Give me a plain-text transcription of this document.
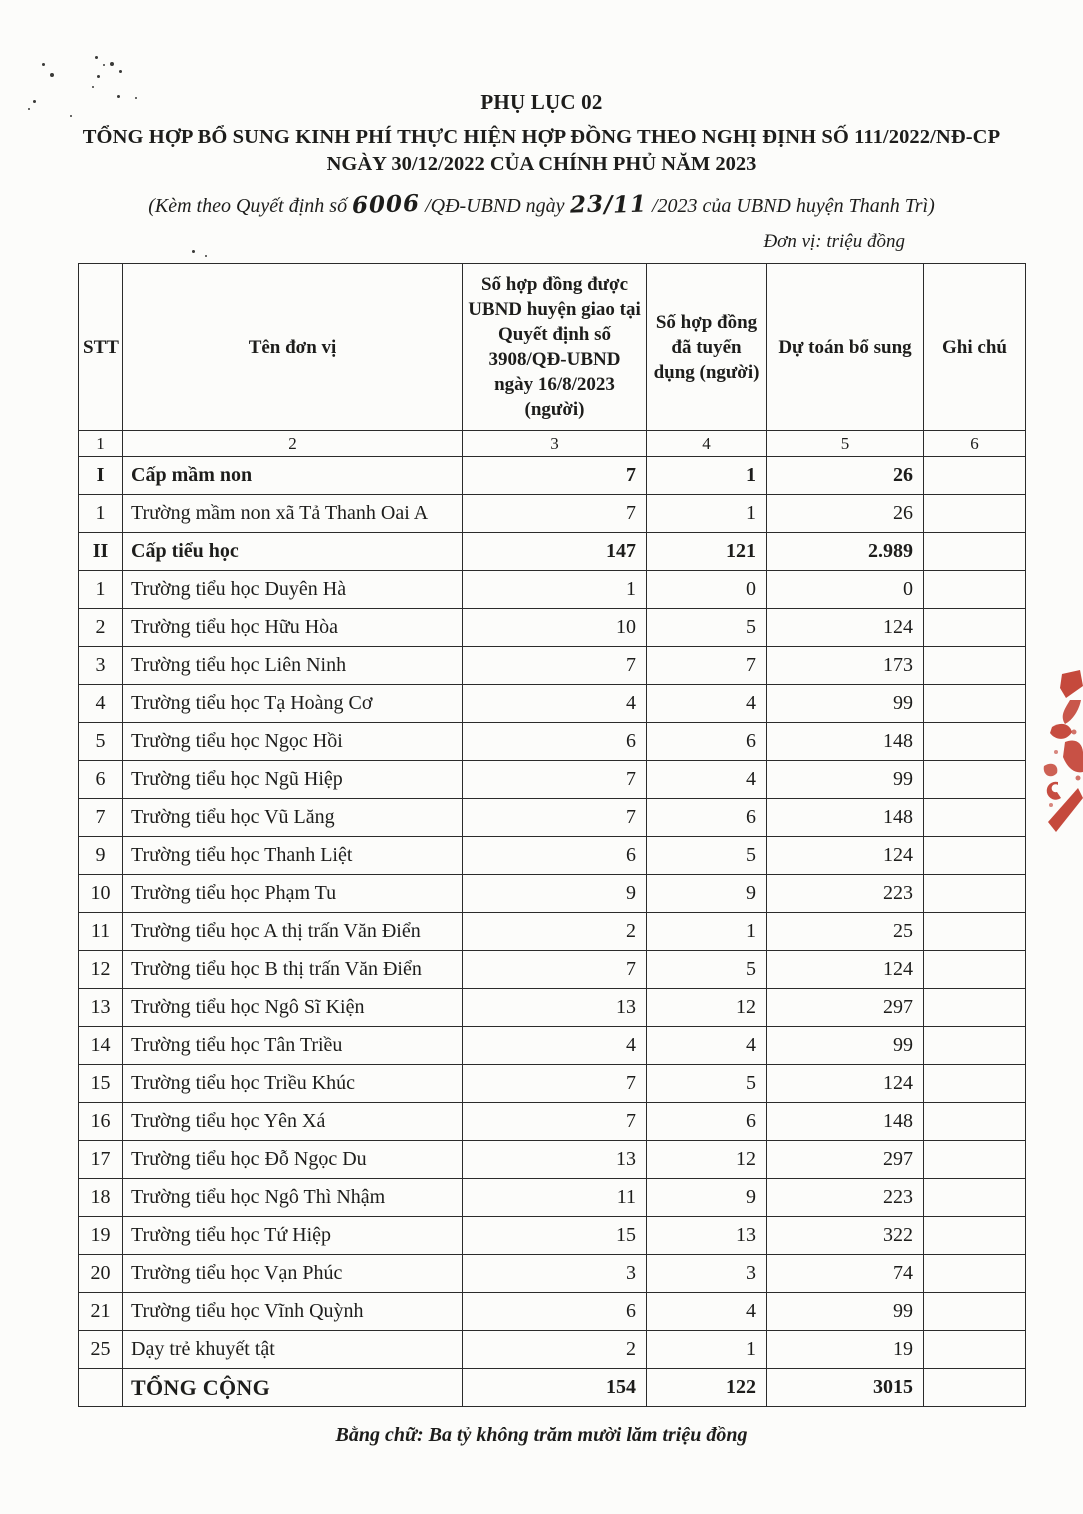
PHỤ LỤC 02
TỔNG HỢP BỔ SUNG KINH PHÍ THỰC HIỆN HỢP ĐỒNG THEO NGHỊ ĐỊNH SỐ 111/2022/NĐ-CP
NGÀY 30/12/2022 CỦA CHÍNH PHỦ NĂM 2023
(Kèm theo Quyết định số 6006 /QĐ-UBND ngày 23/11 /2023 của UBND huyện Thanh Trì)
Đơn vị: triệu đồng
STT	Tên đơn vị	Số hợp đồng được UBND huyện giao tại Quyết định số 3908/QĐ-UBND ngày 16/8/2023 (người)	Số hợp đồng đã tuyển dụng (người)	Dự toán bổ sung	Ghi chú
1	2	3	4	5	6
I	Cấp mầm non	7	1	26	
1	Trường mầm non xã Tả Thanh Oai A	7	1	26	
II	Cấp tiểu học	147	121	2.989	
1	Trường tiểu học Duyên Hà	1	0	0	
2	Trường tiểu học Hữu Hòa	10	5	124	
3	Trường tiểu học Liên Ninh	7	7	173	
4	Trường tiểu học Tạ Hoàng Cơ	4	4	99	
5	Trường tiểu học Ngọc Hồi	6	6	148	
6	Trường tiểu học Ngũ Hiệp	7	4	99	
7	Trường tiểu học Vũ Lăng	7	6	148	
9	Trường tiểu học Thanh Liệt	6	5	124	
10	Trường tiểu học Phạm Tu	9	9	223	
11	Trường tiểu học A thị trấn Văn Điển	2	1	25	
12	Trường tiểu học B thị trấn Văn Điển	7	5	124	
13	Trường tiểu học Ngô Sĩ Kiện	13	12	297	
14	Trường tiểu học Tân Triều	4	4	99	
15	Trường tiểu học Triều Khúc	7	5	124	
16	Trường tiểu học Yên Xá	7	6	148	
17	Trường tiểu học Đỗ Ngọc Du	13	12	297	
18	Trường tiểu học Ngô Thì Nhậm	11	9	223	
19	Trường tiểu học Tứ Hiệp	15	13	322	
20	Trường tiểu học Vạn Phúc	3	3	74	
21	Trường tiểu học Vĩnh Quỳnh	6	4	99	
25	Dạy trẻ khuyết tật	2	1	19	
	TỔNG CỘNG	154	122	3015	
Bằng chữ: Ba tỷ không trăm mười lăm triệu đồng
